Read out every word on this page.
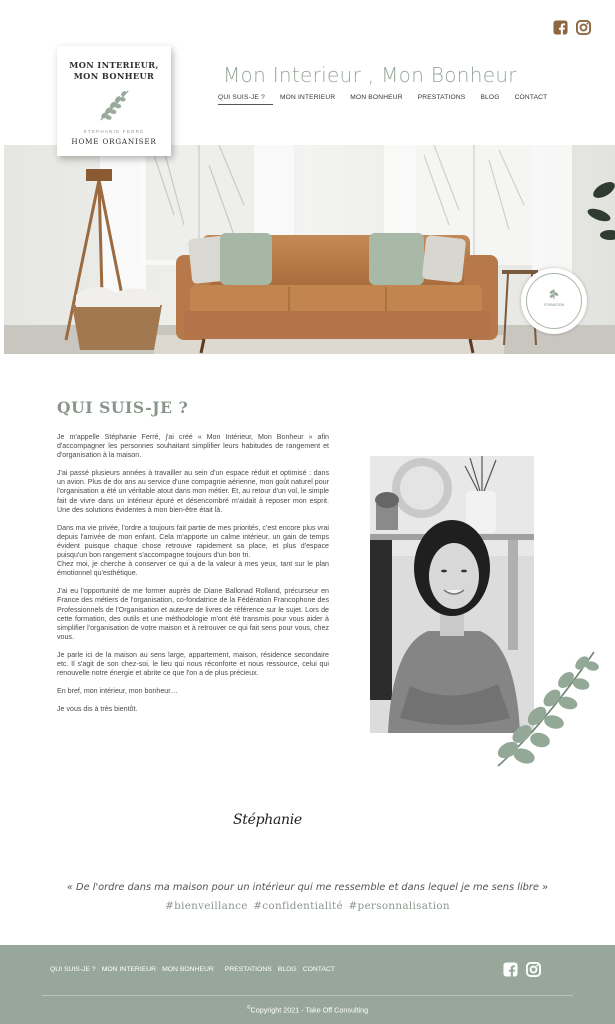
MON INTERIEUR,
MON BONHEUR
STEPHANIE FERRÉ
HOME ORGANISER
Mon Interieur , Mon Bonheur
QUI SUIS-JE ?	MON INTERIEUR	MON BONHEUR	PRESTATIONS	BLOG	CONTACT
FORMATION
QUI SUIS-JE ?

Je m'appelle Stéphanie Ferré, j'ai créé « Mon Intérieur, Mon Bonheur » afin d'accompagner les personnes souhaitant simplifier leurs habitudes de rangement et d'organisation à la maison.

J'ai passé plusieurs années à travailler au sein d'un espace réduit et optimisé : dans un avion. Plus de dix ans au service d'une compagnie aérienne, mon goût naturel pour l'organisation a été un véritable atout dans mon métier. Et, au retour d'un vol, le simple fait de vivre dans un intérieur épuré et désencombré m'aidait à reposer mon esprit. Une des solutions évidentes à mon bien-être était là.

Dans ma vie privée, l'ordre a toujours fait partie de mes priorités, c'est encore plus vrai depuis l'arrivée de mon enfant. Cela m'apporte un calme intérieur, un gain de temps évident puisque chaque chose retrouve rapidement sa place, et plus d'espace puisqu'un bon rangement s'accompagne toujours d'un bon tri.
Chez moi, je cherche à conserver ce qui a de la valeur à mes yeux, tant sur le plan émotionnel qu'esthétique.

J'ai eu l'opportunité de me former auprès de Diane Ballonad Rolland, précurseur en France des métiers de l'organisation, co-fondatrice de la Fédération Francophone des Professionnels de l'Organisation et auteure de livres de référence sur le sujet. Lors de cette formation, des outils et une méthodologie m'ont été transmis pour vous aider à simplifier l'organisation de votre maison et à retrouver ce qui fait sens pour vous, chez vous.

Je parle ici de la maison au sens large, appartement, maison, résidence secondaire etc. Il s'agit de son chez-soi, le lieu qui nous réconforte et nous ressource, celui qui renouvelle notre énergie et abrite ce que l'on a de plus précieux.

En bref, mon intérieur, mon bonheur…

Je vous dis à très bientôt.

Stéphanie
« De l'ordre dans ma maison pour un intérieur qui me ressemble et dans lequel je me sens libre »
#bienveillance #confidentialité #personnalisation
QUI SUIS-JE ? MON INTERIEUR MON BONHEUR PRESTATIONS BLOG CONTACT
©Copyright 2021 - Take Off Consulting
